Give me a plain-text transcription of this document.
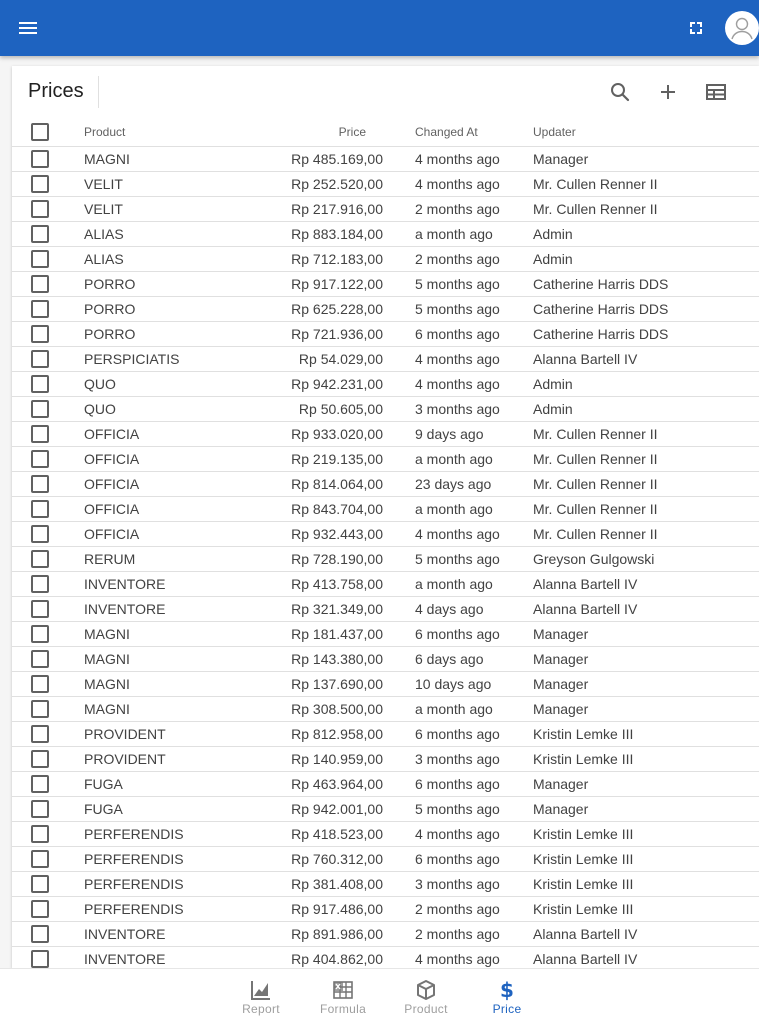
Prices
	Product	Price	Changed At	Updater
	MAGNI	Rp 485.169,00	4 months ago	Manager
	VELIT	Rp 252.520,00	4 months ago	Mr. Cullen Renner II
	VELIT	Rp 217.916,00	2 months ago	Mr. Cullen Renner II
	ALIAS	Rp 883.184,00	a month ago	Admin
	ALIAS	Rp 712.183,00	2 months ago	Admin
	PORRO	Rp 917.122,00	5 months ago	Catherine Harris DDS
	PORRO	Rp 625.228,00	5 months ago	Catherine Harris DDS
	PORRO	Rp 721.936,00	6 months ago	Catherine Harris DDS
	PERSPICIATIS	Rp 54.029,00	4 months ago	Alanna Bartell IV
	QUO	Rp 942.231,00	4 months ago	Admin
	QUO	Rp 50.605,00	3 months ago	Admin
	OFFICIA	Rp 933.020,00	9 days ago	Mr. Cullen Renner II
	OFFICIA	Rp 219.135,00	a month ago	Mr. Cullen Renner II
	OFFICIA	Rp 814.064,00	23 days ago	Mr. Cullen Renner II
	OFFICIA	Rp 843.704,00	a month ago	Mr. Cullen Renner II
	OFFICIA	Rp 932.443,00	4 months ago	Mr. Cullen Renner II
	RERUM	Rp 728.190,00	5 months ago	Greyson Gulgowski
	INVENTORE	Rp 413.758,00	a month ago	Alanna Bartell IV
	INVENTORE	Rp 321.349,00	4 days ago	Alanna Bartell IV
	MAGNI	Rp 181.437,00	6 months ago	Manager
	MAGNI	Rp 143.380,00	6 days ago	Manager
	MAGNI	Rp 137.690,00	10 days ago	Manager
	MAGNI	Rp 308.500,00	a month ago	Manager
	PROVIDENT	Rp 812.958,00	6 months ago	Kristin Lemke III
	PROVIDENT	Rp 140.959,00	3 months ago	Kristin Lemke III
	FUGA	Rp 463.964,00	6 months ago	Manager
	FUGA	Rp 942.001,00	5 months ago	Manager
	PERFERENDIS	Rp 418.523,00	4 months ago	Kristin Lemke III
	PERFERENDIS	Rp 760.312,00	6 months ago	Kristin Lemke III
	PERFERENDIS	Rp 381.408,00	3 months ago	Kristin Lemke III
	PERFERENDIS	Rp 917.486,00	2 months ago	Kristin Lemke III
	INVENTORE	Rp 891.986,00	2 months ago	Alanna Bartell IV
	INVENTORE	Rp 404.862,00	4 months ago	Alanna Bartell IV
Report	Formula	Product
$
Price
